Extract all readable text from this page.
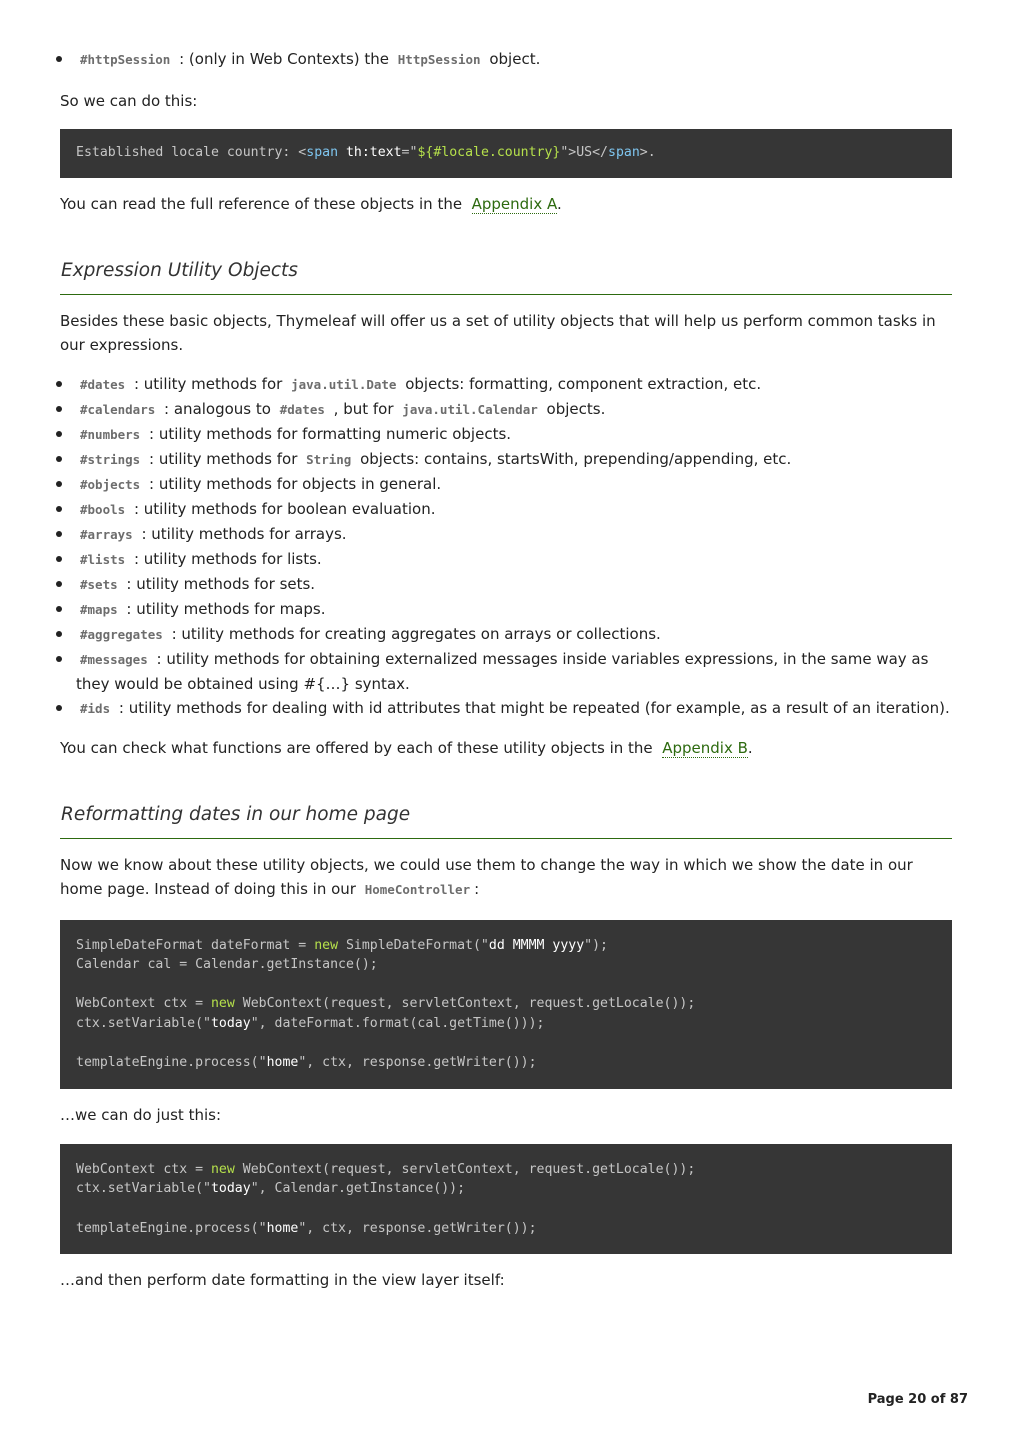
#httpSession : (only in Web Contexts) the HttpSession object.

So we can do this:

Established locale country: <span th:text="${#locale.country}">US</span>.

You can read the full reference of these objects in the Appendix A.

Expression Utility Objects

Besides these basic objects, Thymeleaf will offer us a set of utility objects that will help us perform common tasks in our expressions.

#dates : utility methods for java.util.Date objects: formatting, component extraction, etc.
#calendars : analogous to #dates , but for java.util.Calendar objects.
#numbers : utility methods for formatting numeric objects.
#strings : utility methods for String objects: contains, startsWith, prepending/appending, etc.
#objects : utility methods for objects in general.
#bools : utility methods for boolean evaluation.
#arrays : utility methods for arrays.
#lists : utility methods for lists.
#sets : utility methods for sets.
#maps : utility methods for maps.
#aggregates : utility methods for creating aggregates on arrays or collections.
#messages : utility methods for obtaining externalized messages inside variables expressions, in the same way as they would be obtained using #{…} syntax.
#ids : utility methods for dealing with id attributes that might be repeated (for example, as a result of an iteration).

You can check what functions are offered by each of these utility objects in the Appendix B.

Reformatting dates in our home page

Now we know about these utility objects, we could use them to change the way in which we show the date in our home page. Instead of doing this in our HomeController :

SimpleDateFormat dateFormat = new SimpleDateFormat("dd MMMM yyyy");
Calendar cal = Calendar.getInstance();

WebContext ctx = new WebContext(request, servletContext, request.getLocale());
ctx.setVariable("today", dateFormat.format(cal.getTime()));

templateEngine.process("home", ctx, response.getWriter());

…we can do just this:

WebContext ctx = new WebContext(request, servletContext, request.getLocale());
ctx.setVariable("today", Calendar.getInstance());

templateEngine.process("home", ctx, response.getWriter());

…and then perform date formatting in the view layer itself:

Page 20 of 87
